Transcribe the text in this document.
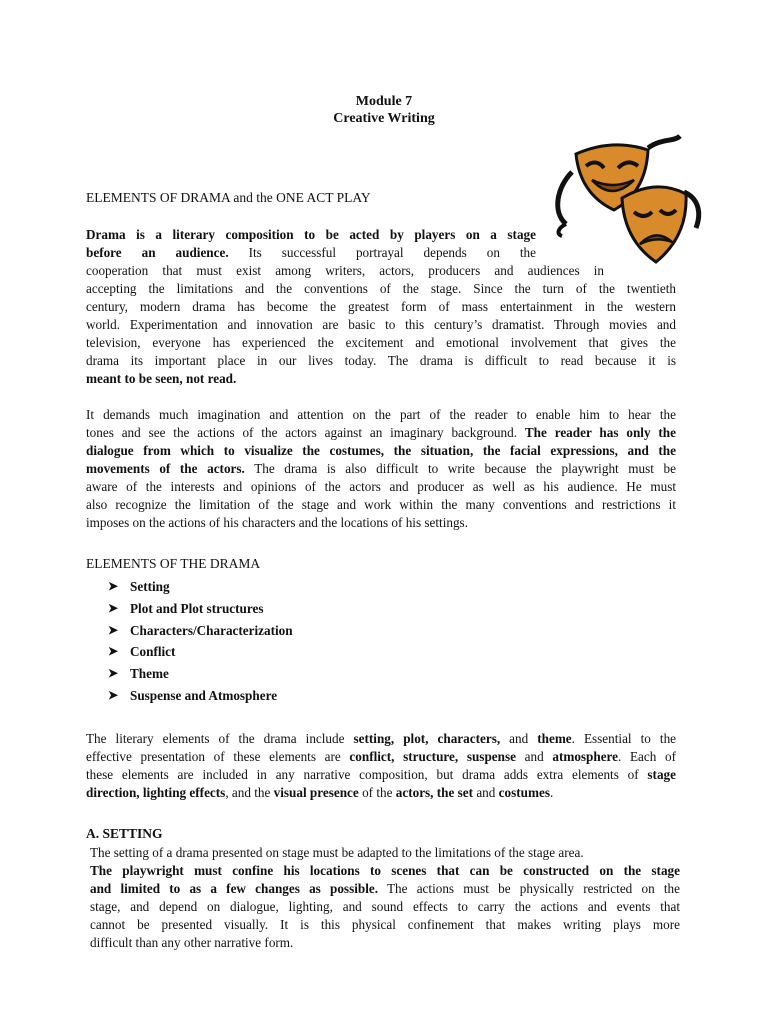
Module 7
Creative Writing
ELEMENTS OF DRAMA and the ONE ACT PLAY
Drama is a literary composition to be acted by players on a stage
before an audience. Its successful portrayal depends on the
cooperation that must exist among writers, actors, producers and audiences in
accepting the limitations and the conventions of the stage. Since the turn of the twentieth
century, modern drama has become the greatest form of mass entertainment in the western
world. Experimentation and innovation are basic to this century’s dramatist. Through movies and
television, everyone has experienced the excitement and emotional involvement that gives the
drama its important place in our lives today. The drama is difficult to read because it is
meant to be seen, not read.
It demands much imagination and attention on the part of the reader to enable him to hear the
tones and see the actions of the actors against an imaginary background. The reader has only the
dialogue from which to visualize the costumes, the situation, the facial expressions, and the
movements of the actors. The drama is also difficult to write because the playwright must be
aware of the interests and opinions of the actors and producer as well as his audience. He must
also recognize the limitation of the stage and work within the many conventions and restrictions it
imposes on the actions of his characters and the locations of his settings.
ELEMENTS OF THE DRAMA
➤ Setting
➤ Plot and Plot structures
➤ Characters/Characterization
➤ Conflict
➤ Theme
➤ Suspense and Atmosphere
The literary elements of the drama include setting, plot, characters, and theme. Essential to the
effective presentation of these elements are conflict, structure, suspense and atmosphere. Each of
these elements are included in any narrative composition, but drama adds extra elements of stage
direction, lighting effects, and the visual presence of the actors, the set and costumes.
A. SETTING
The setting of a drama presented on stage must be adapted to the limitations of the stage area.
The playwright must confine his locations to scenes that can be constructed on the stage
and limited to as a few changes as possible. The actions must be physically restricted on the
stage, and depend on dialogue, lighting, and sound effects to carry the actions and events that
cannot be presented visually. It is this physical confinement that makes writing plays more
difficult than any other narrative form.
